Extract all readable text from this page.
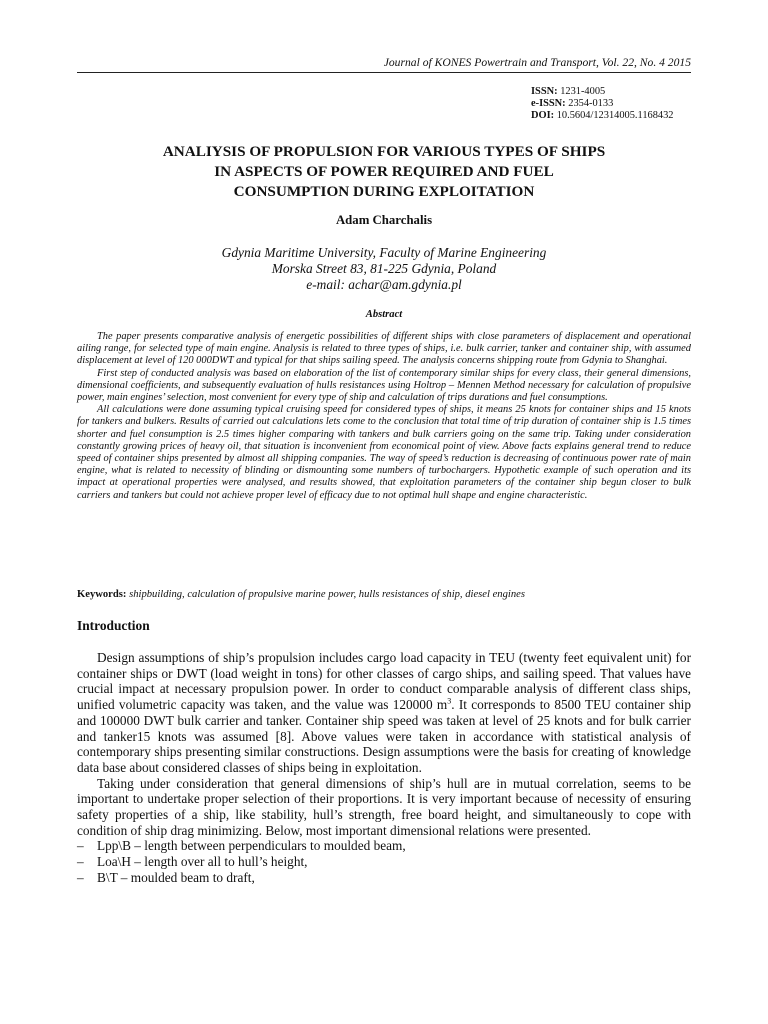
Journal of KONES Powertrain and Transport, Vol. 22, No. 4 2015
ISSN: 1231-4005
e-ISSN: 2354-0133
DOI: 10.5604/12314005.1168432
ANALIYSIS OF PROPULSION FOR VARIOUS TYPES OF SHIPS
IN ASPECTS OF POWER REQUIRED AND FUEL
CONSUMPTION DURING EXPLOITATION
Adam Charchalis
Gdynia Maritime University, Faculty of Marine Engineering
Morska Street 83, 81-225 Gdynia, Poland
e-mail: achar@am.gdynia.pl
Abstract

The paper presents comparative analysis of energetic possibilities of different ships with close parameters of displacement and operational ailing range, for selected type of main engine. Analysis is related to three types of ships, i.e. bulk carrier, tanker and container ship, with assumed displacement at level of 120 000DWT and typical for that ships sailing speed. The analysis concerns shipping route from Gdynia to Shanghai.

First step of conducted analysis was based on elaboration of the list of contemporary similar ships for every class, their general dimensions, dimensional coefficients, and subsequently evaluation of hulls resistances using Holtrop – Mennen Method necessary for calculation of propulsive power, main engines’ selection, most convenient for every type of ship and calculation of trips durations and fuel consumptions.

All calculations were done assuming typical cruising speed for considered types of ships, it means 25 knots for container ships and 15 knots for tankers and bulkers. Results of carried out calculations lets come to the conclusion that total time of trip duration of container ship is 1.5 times shorter and fuel consumption is 2.5 times higher comparing with tankers and bulk carriers going on the same trip. Taking under consideration constantly growing prices of heavy oil, that situation is inconvenient from economical point of view. Above facts explains general trend to reduce speed of container ships presented by almost all shipping companies. The way of speed’s reduction is decreasing of continuous power rate of main engine, what is related to necessity of blinding or dismounting some numbers of turbochargers. Hypothetic example of such operation and its impact at operational properties were analysed, and results showed, that exploitation parameters of the container ship begun closer to bulk carriers and tankers but could not achieve proper level of efficacy due to not optimal hull shape and engine characteristic.

Keywords: shipbuilding, calculation of propulsive marine power, hulls resistances of ship, diesel engines
Introduction

Design assumptions of ship’s propulsion includes cargo load capacity in TEU (twenty feet equivalent unit) for container ships or DWT (load weight in tons) for other classes of cargo ships, and sailing speed. That values have crucial impact at necessary propulsion power. In order to conduct comparable analysis of different class ships, unified volumetric capacity was taken, and the value was 120000 $m^3$. It corresponds to 8500 TEU container ship and 100000 DWT bulk carrier and tanker. Container ship speed was taken at level of 25 knots and for bulk carrier and tanker15 knots was assumed [8]. Above values were taken in accordance with statistical analysis of contemporary ships presenting similar constructions. Design assumptions were the basis for creating of knowledge data base about considered classes of ships being in exploitation.

Taking under consideration that general dimensions of ship’s hull are in mutual correlation, seems to be important to undertake proper selection of their proportions. It is very important because of necessity of ensuring safety properties of a ship, like stability, hull’s strength, free board height, and simultaneously to cope with condition of ship drag minimizing. Below, most important dimensional relations were presented.

– Lpp\B – length between perpendiculars to moulded beam,
– Loa\H – length over all to hull’s height,
– B\T – moulded beam to draft,
